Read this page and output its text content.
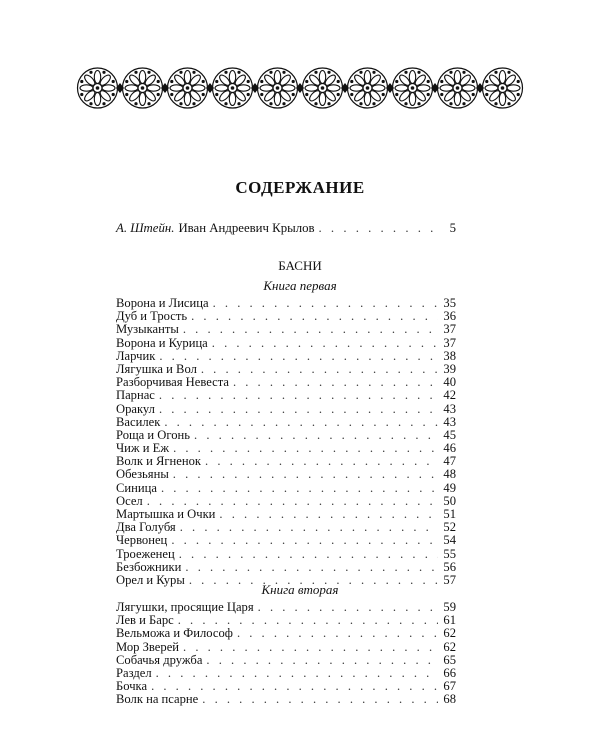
СОДЕРЖАНИЕ
А. Штейн. Иван Андреевич Крылов . . .	5
БАСНИ
Книга первая
Ворона и Лисица . . .	35
Дуб и Трость . . .	36
Музыканты . . .	37
Ворона и Курица . . .	37
Ларчик . . .	38
Лягушка и Вол . . .	39
Разборчивая Невеста . . .	40
Парнас . . .	42
Оракул . . .	43
Василек . . .	43
Роща и Огонь . . .	45
Чиж и Еж . . .	46
Волк и Ягненок . . .	47
Обезьяны . . .	48
Синица . . .	49
Осел . . .	50
Мартышка и Очки . . .	51
Два Голубя . . .	52
Червонец . . .	54
Троеженец . . .	55
Безбожники . . .	56
Орел и Куры . . .	57
Книга вторая
Лягушки, просящие Царя . . .	59
Лев и Барс . . .	61
Вельможа и Философ . . .	62
Мор Зверей . . .	62
Собачья дружба . . .	65
Раздел . . .	66
Бочка . . .	67
Волк на псарне . . .	68
